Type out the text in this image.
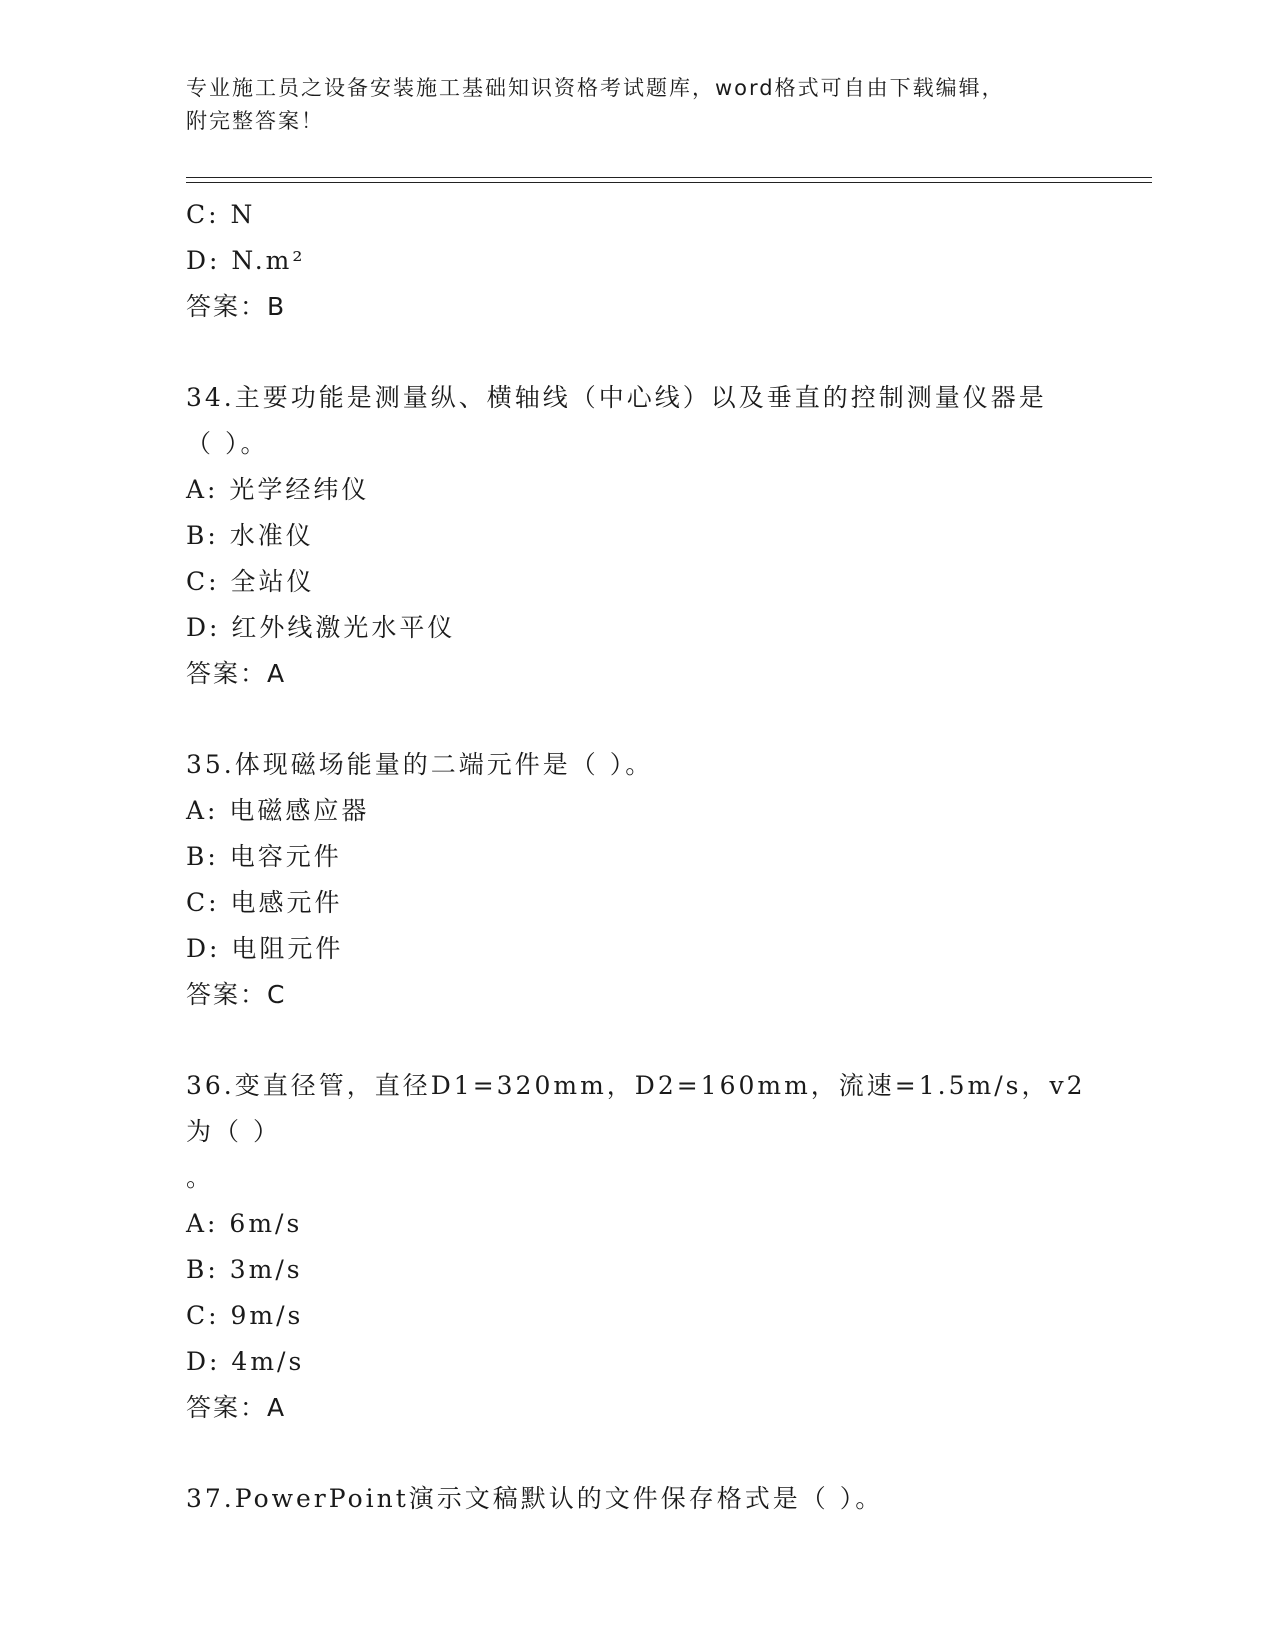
专业施工员之设备安装施工基础知识资格考试题库，word格式可自由下载编辑，
附完整答案！

C: N

D: N.m²

答案：B

34.主要功能是测量纵、横轴线（中心线）以及垂直的控制测量仪器是

（ ）。

A: 光学经纬仪

B: 水准仪

C: 全站仪

D: 红外线激光水平仪

答案：A

35.体现磁场能量的二端元件是（ ）。

A: 电磁感应器

B: 电容元件

C: 电感元件

D: 电阻元件

答案：C

36.变直径管，直径D1=320mm，D2=160mm，流速=1.5m/s，v2为（ ）

。

A: 6m/s

B: 3m/s

C: 9m/s

D: 4m/s

答案：A

37.PowerPoint演示文稿默认的文件保存格式是（ ）。
